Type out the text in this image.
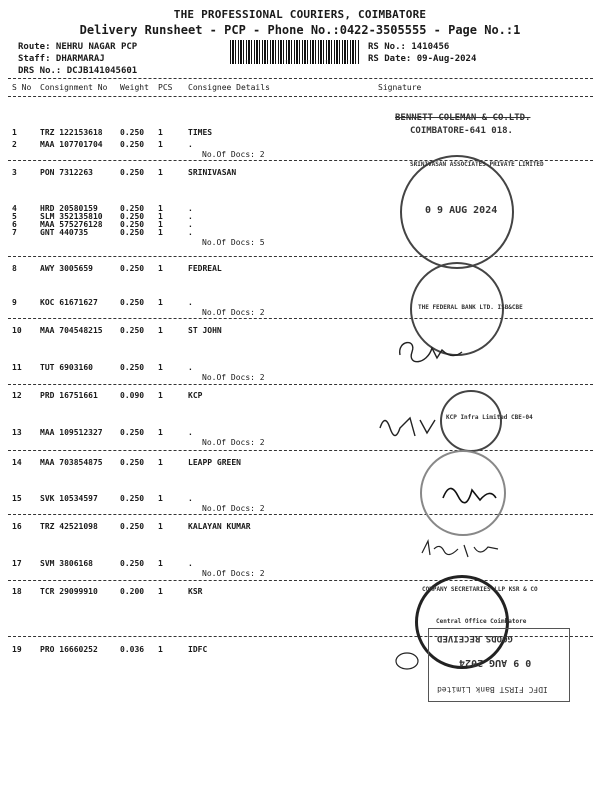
THE PROFESSIONAL COURIERS, COIMBATORE
Delivery Runsheet - PCP - Phone No.:0422-3505555 - Page No.:1
Route: NEHRU NAGAR PCP
Staff: DHARMARAJ
DRS No.: DCJB141045601
RS No.: 1410456
RS Date: 09-Aug-2024
S No Consignment No Weight PCS Consignee Details	Signature
1	TRZ 122153618 0.250 1	TIMES
2	MAA 107701704 0.250 1	.
No.Of Docs: 2
3	PON 7312263	0.250 1	SRINIVASAN
4	HRD 20580159	0.250 1	.
5	SLM 352135810 0.250 1	.
6	MAA 575276128 0.250 1	.
7	GNT 440735	0.250 1	.
No.Of Docs: 5
8	AWY 3005659	0.250 1	FEDREAL
9	KOC 61671627	0.250 1	.
No.Of Docs: 2
10 MAA 704548215 0.250 1	ST JOHN
11 TUT 6903160	0.250 1	.
No.Of Docs: 2
12 PRD 16751661	0.090 1	KCP
13 MAA 109512327 0.250 1	.
No.Of Docs: 2
14 MAA 703854875 0.250 1	LEAPP GREEN
15 SVK 10534597	0.250 1	.
No.Of Docs: 2
16 TRZ 42521098	0.250 1	KALAYAN KUMAR
17 SVM 3806168	0.250 1	.
No.Of Docs: 2
18 TCR 29099910	0.200 1	KSR
19 PRO 16660252	0.036 1	IDFC
BENNETT COLEMAN & CO.LTD.
COIMBATORE-641 018.
SRINIVASAN ASSOCIATES PRIVATE LIMITED
0 9 AUG 2024
THE FEDERAL BANK LTD. ISB&CBE
KCP Infra Limited CBE-04
COMPANY SECRETARIES LLP KSR & CO
Central Office Coimbatore
GOODS RECEIVED
0 9 AUG 2024
IDFC FIRST Bank Limited
